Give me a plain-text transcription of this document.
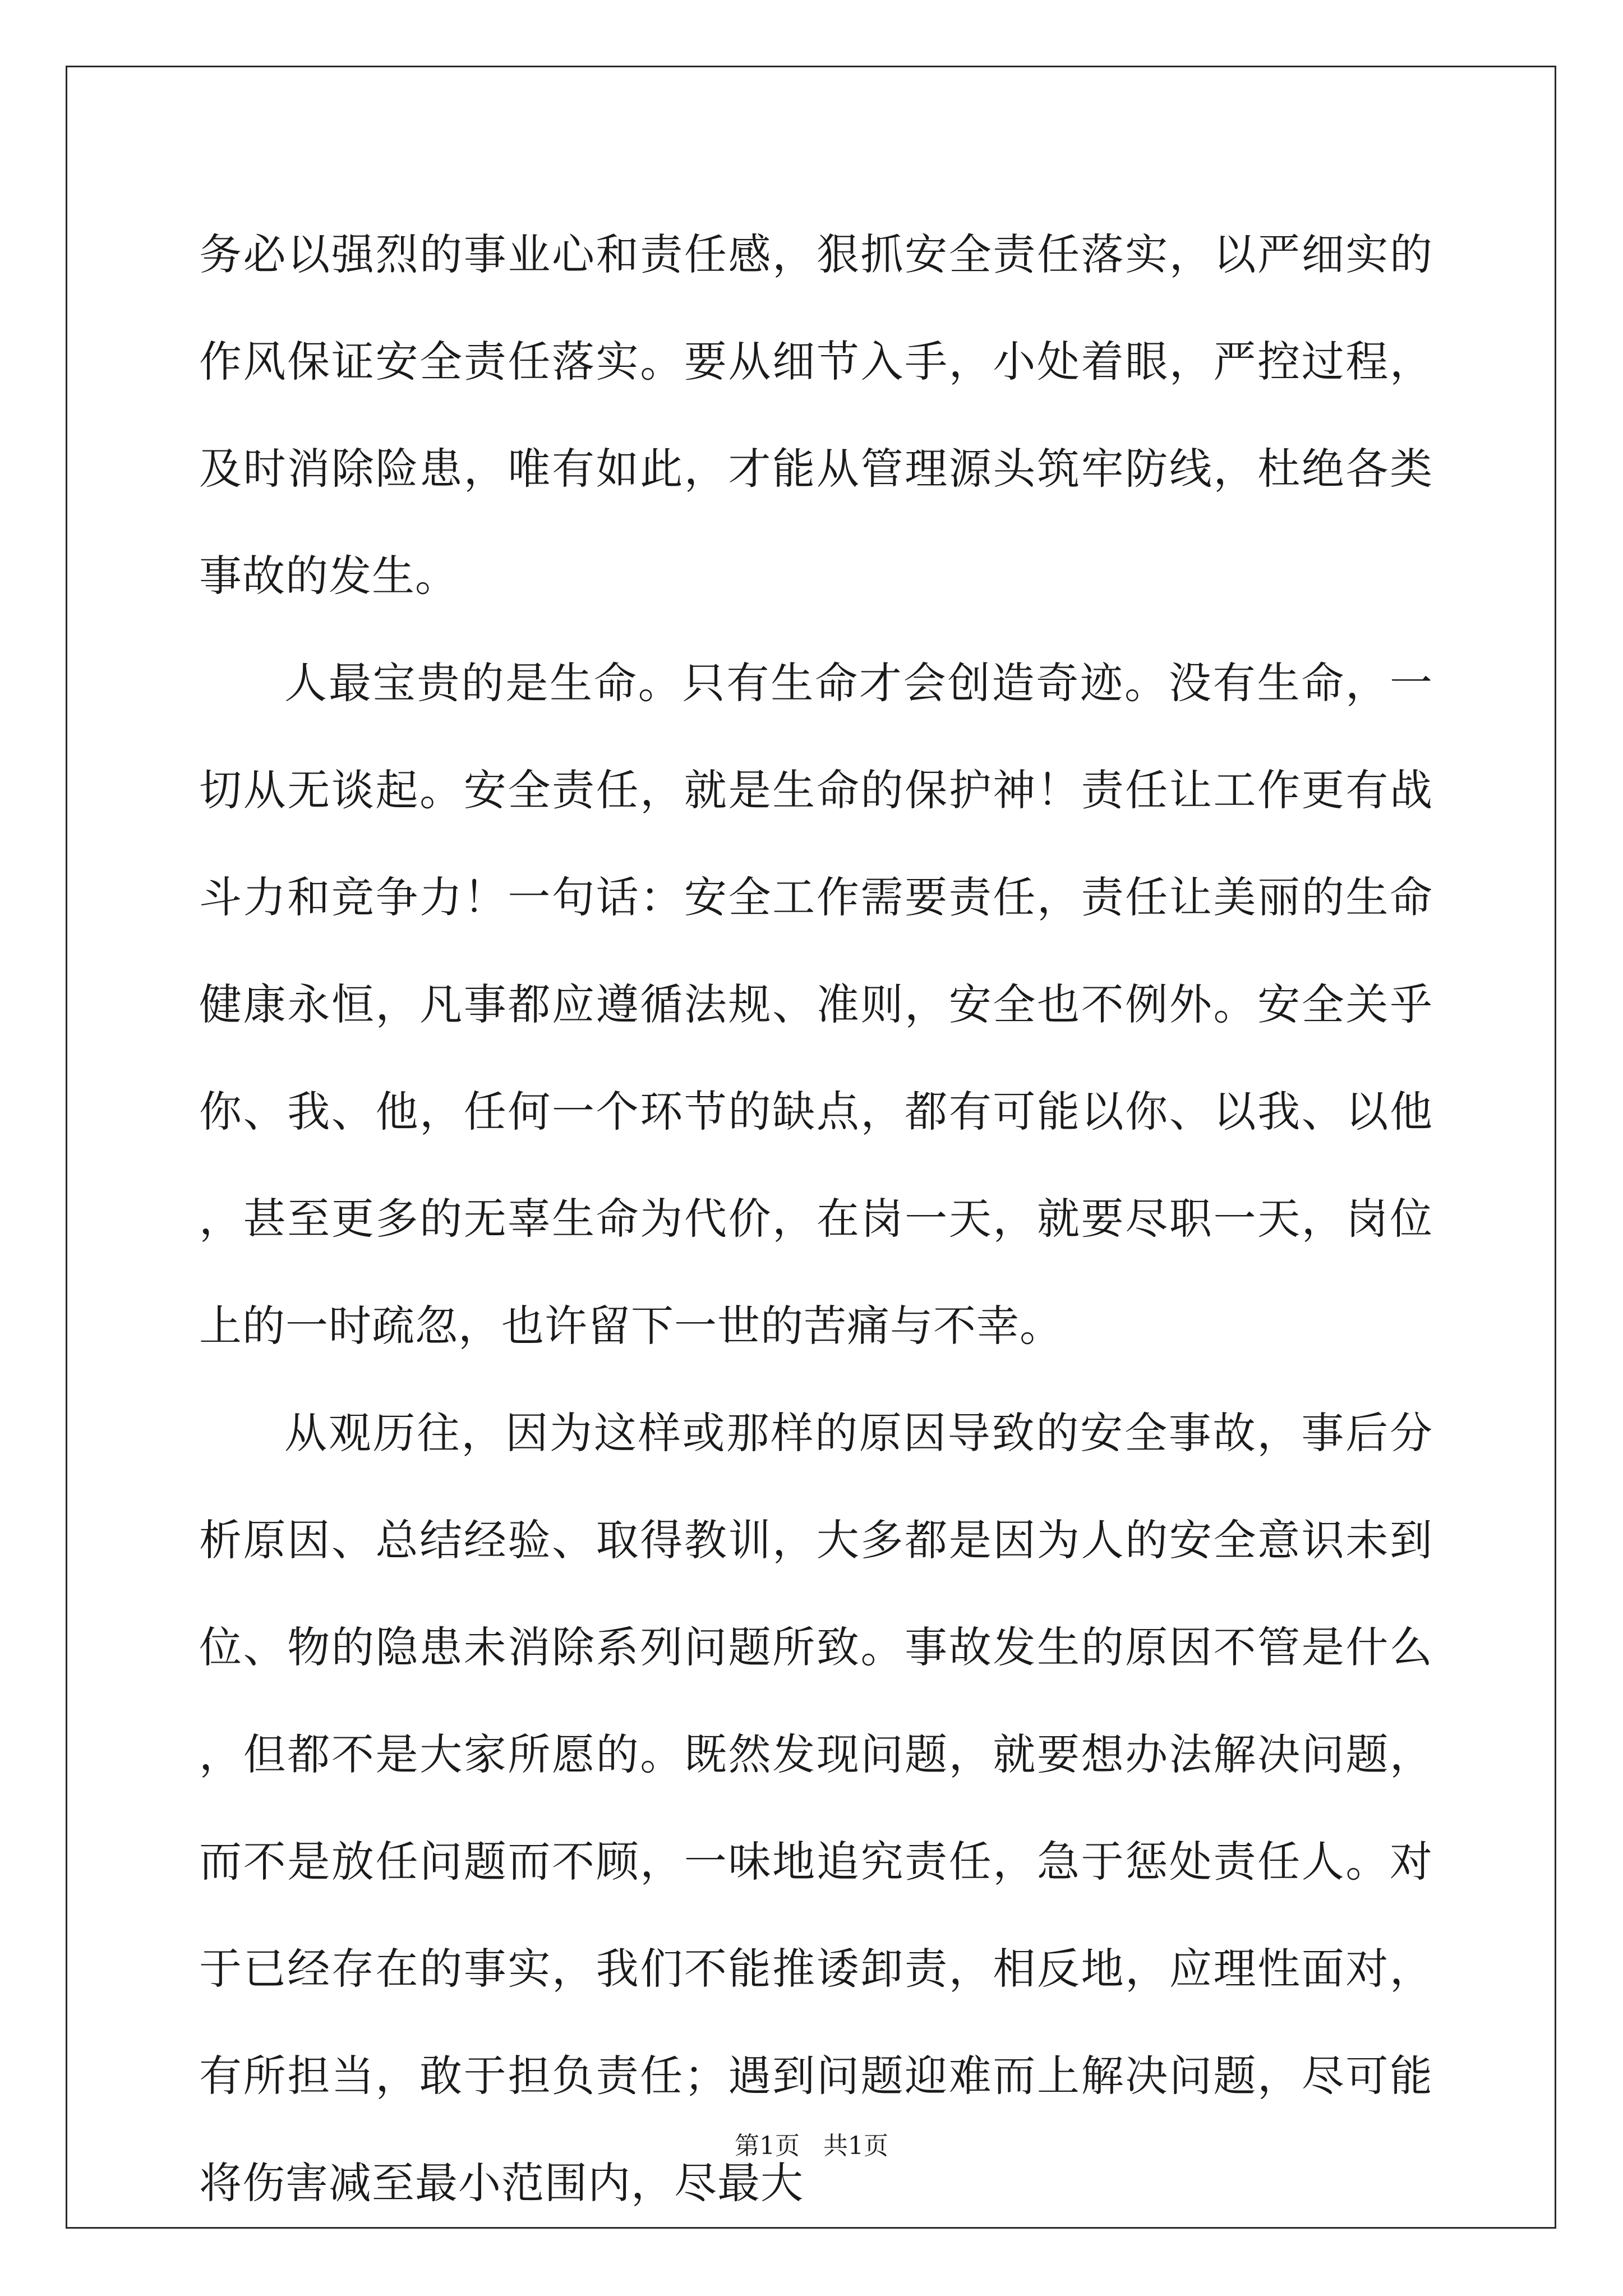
务必以强烈的事业心和责任感，狠抓安全责任落实，以严细实的作风保证安全责任落实。要从细节入手，小处着眼，严控过程，及时消除险患，唯有如此，才能从管理源头筑牢防线，杜绝各类事故的发生。

人最宝贵的是生命。只有生命才会创造奇迹。没有生命，一切从无谈起。安全责任，就是生命的保护神！责任让工作更有战斗力和竞争力！一句话：安全工作需要责任，责任让美丽的生命健康永恒，凡事都应遵循法规、准则，安全也不例外。安全关乎你、我、他，任何一个环节的缺点，都有可能以你、以我、以他，甚至更多的无辜生命为代价，在岗一天，就要尽职一天，岗位上的一时疏忽，也许留下一世的苦痛与不幸。

从观历往，因为这样或那样的原因导致的安全事故，事后分析原因、总结经验、取得教训，大多都是因为人的安全意识未到位、物的隐患未消除系列问题所致。事故发生的原因不管是什么，但都不是大家所愿的。既然发现问题，就要想办法解决问题，而不是放任问题而不顾，一味地追究责任，急于惩处责任人。对于已经存在的事实，我们不能推诿卸责，相反地，应理性面对，有所担当，敢于担负责任；遇到问题迎难而上解决问题，尽可能将伤害减至最小范围内，尽最大

第1页 共1页
